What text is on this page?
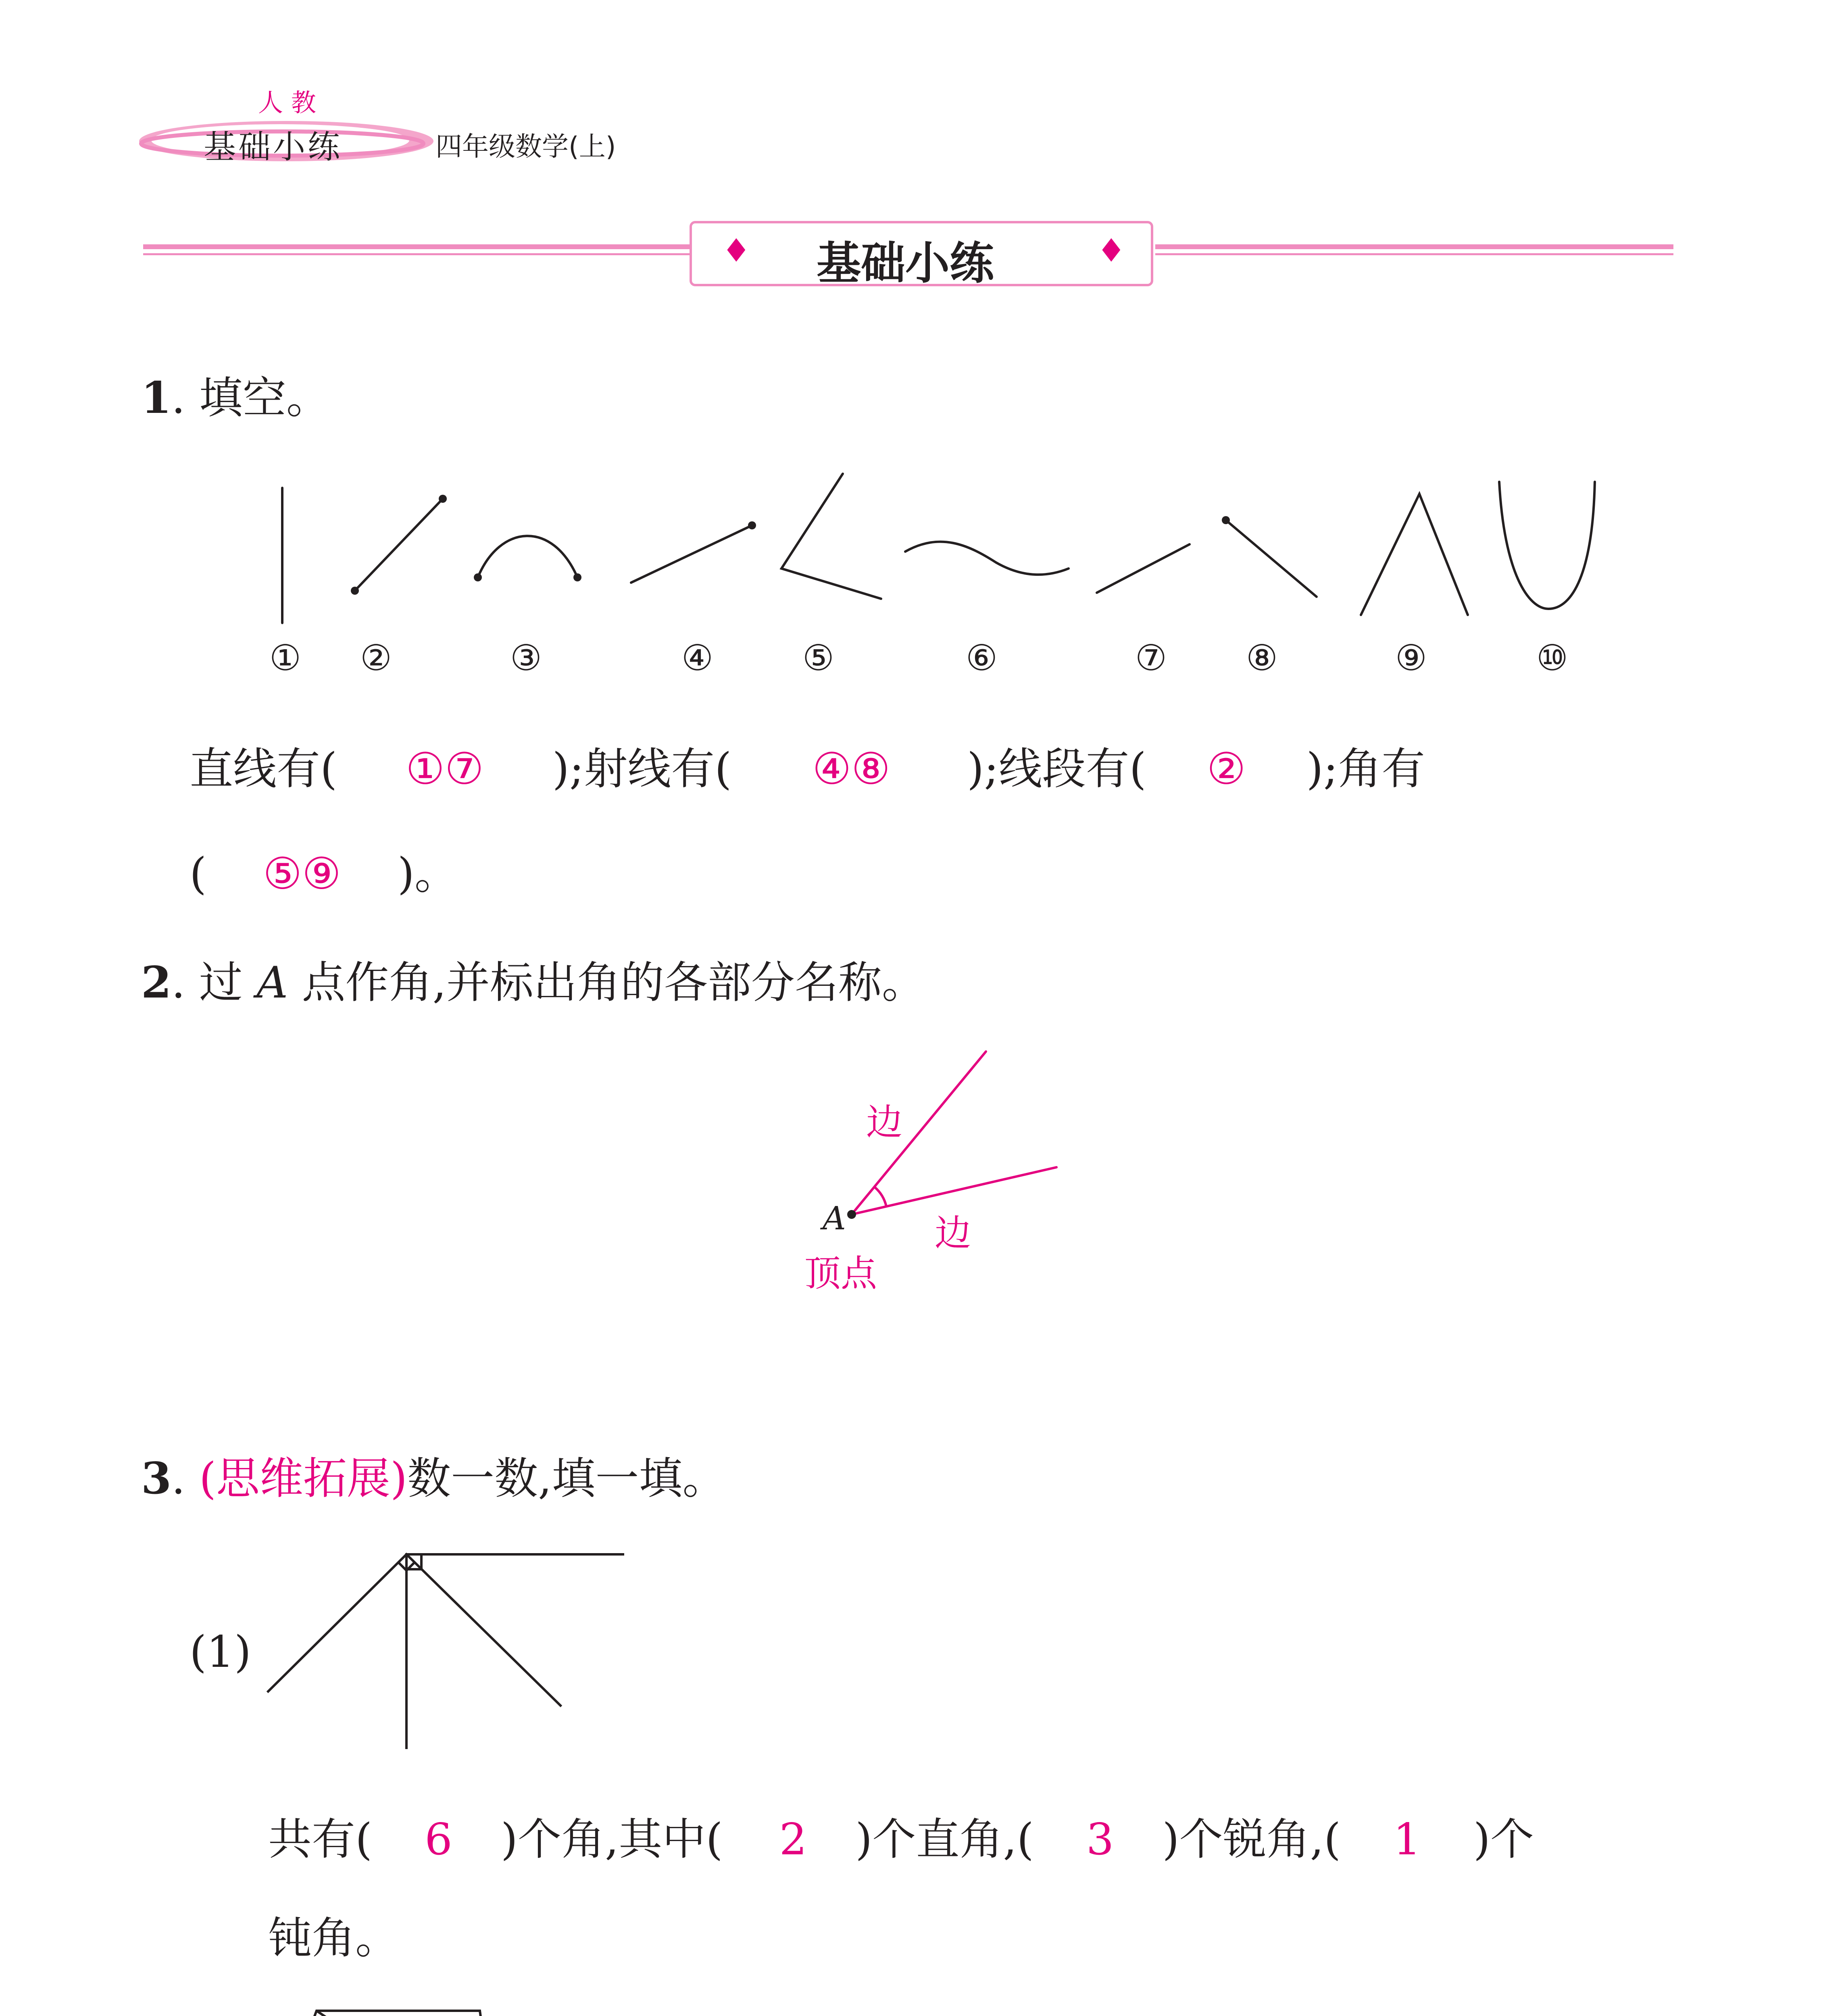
人 教
基础小练	四年级数学(上)
♦	♦
基础小练
1. 填空。
① ②	③	④	⑤	⑥	⑦ ⑧	⑨	⑩
直线有( ①⑦ );射线有( ④⑧ );线段有( ② );角有
( ⑤⑨ )。
2. 过 A 点作角,并标出角的各部分名称。
A
边
边
顶点
3. (思维拓展)数一数,填一填。
(1)
共有( 6 )个角,其中( 2 )个直角,( 3 )个锐角,( 1 )个
钝角。
